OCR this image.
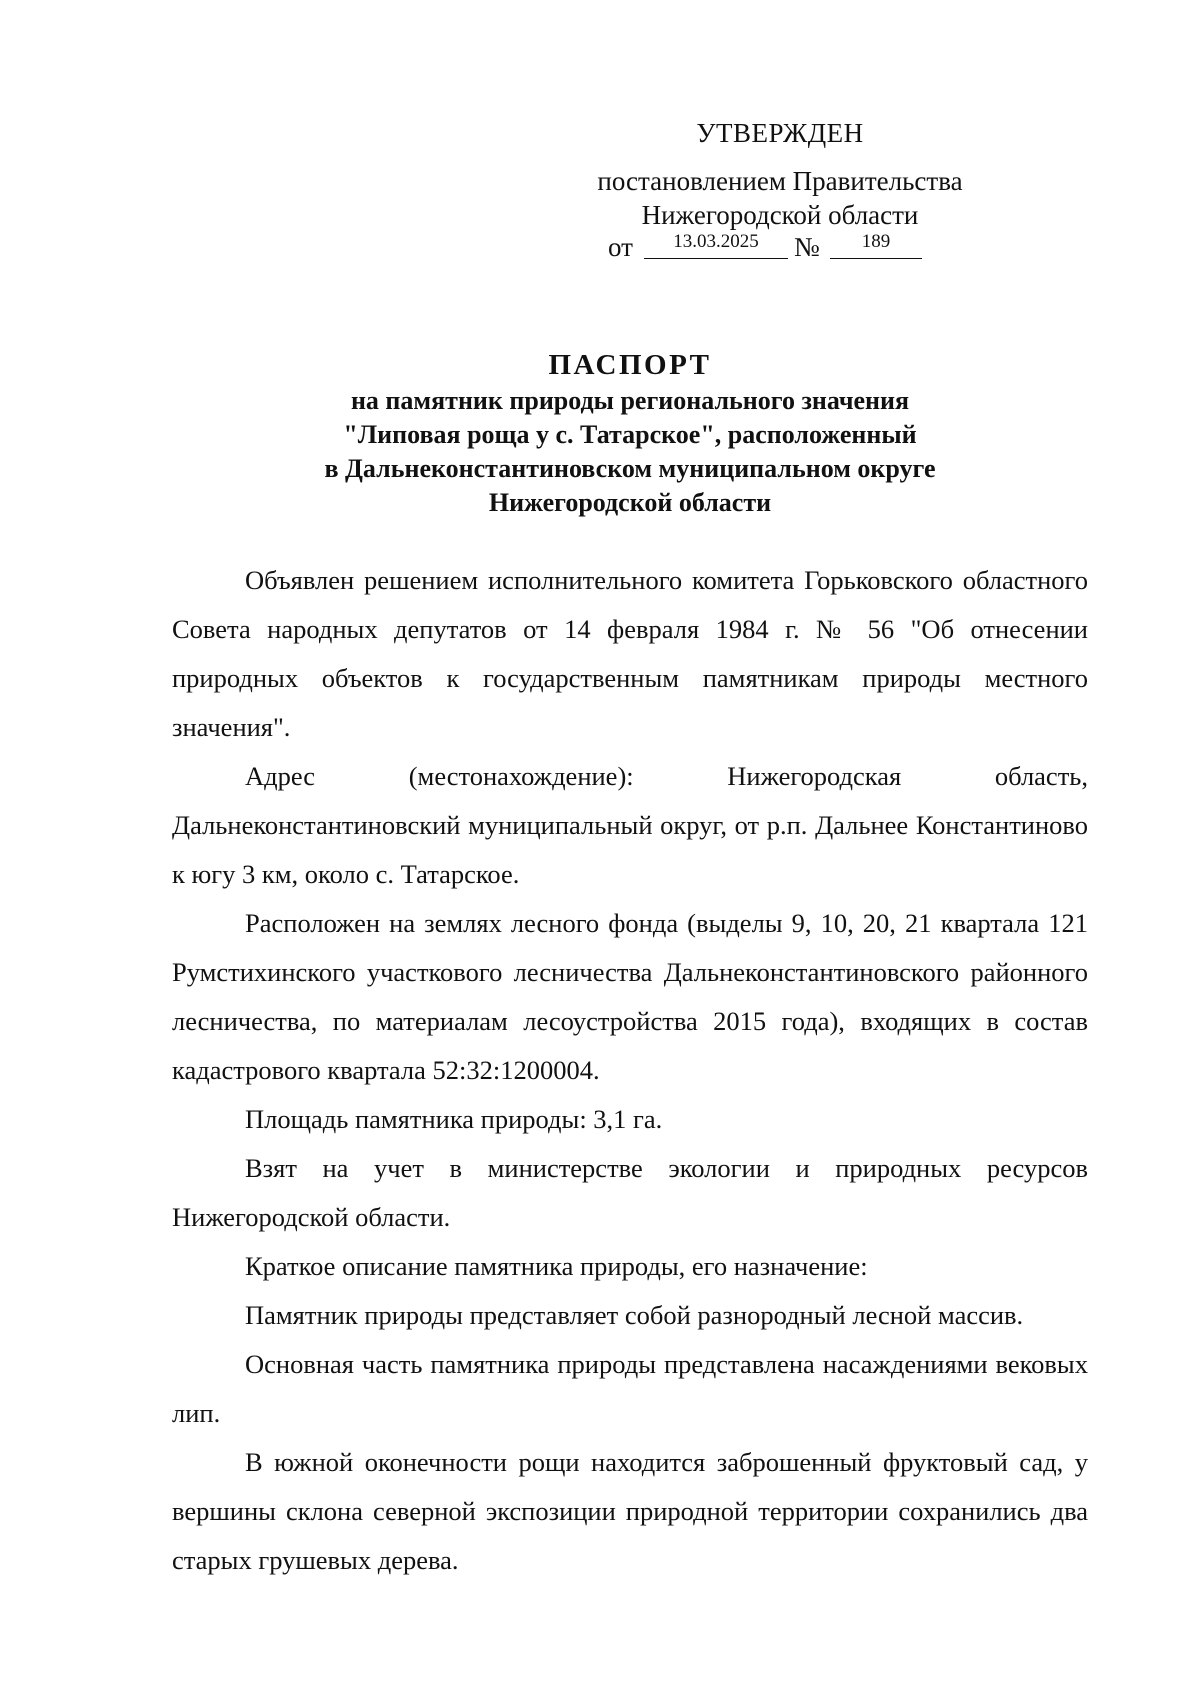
УТВЕРЖДЕН
постановлением Правительства
Нижегородской области
от	13.03.2025	№	189
ПАСПОРТ
на памятник природы регионального значения
"Липовая роща у с. Татарское", расположенный
в Дальнеконстантиновском муниципальном округе
Нижегородской области

Объявлен решением исполнительного комитета Горьковского областного Совета народных депутатов от 14 февраля 1984 г. № 56 "Об отнесении природных объектов к государственным памятникам природы местного значения".

Адрес (местонахождение): Нижегородская область, Дальнеконстантиновский муниципальный округ, от р.п. Дальнее Константиново к югу 3 км, около с. Татарское.

Расположен на землях лесного фонда (выделы 9, 10, 20, 21 квартала 121 Румстихинского участкового лесничества Дальнеконстантиновского районного лесничества, по материалам лесоустройства 2015 года), входящих в состав кадастрового квартала 52:32:1200004.

Площадь памятника природы: 3,1 га.

Взят на учет в министерстве экологии и природных ресурсов Нижегородской области.

Краткое описание памятника природы, его назначение:

Памятник природы представляет собой разнородный лесной массив.

Основная часть памятника природы представлена насаждениями вековых лип.

В южной оконечности рощи находится заброшенный фруктовый сад, у вершины склона северной экспозиции природной территории сохранились два старых грушевых дерева.
